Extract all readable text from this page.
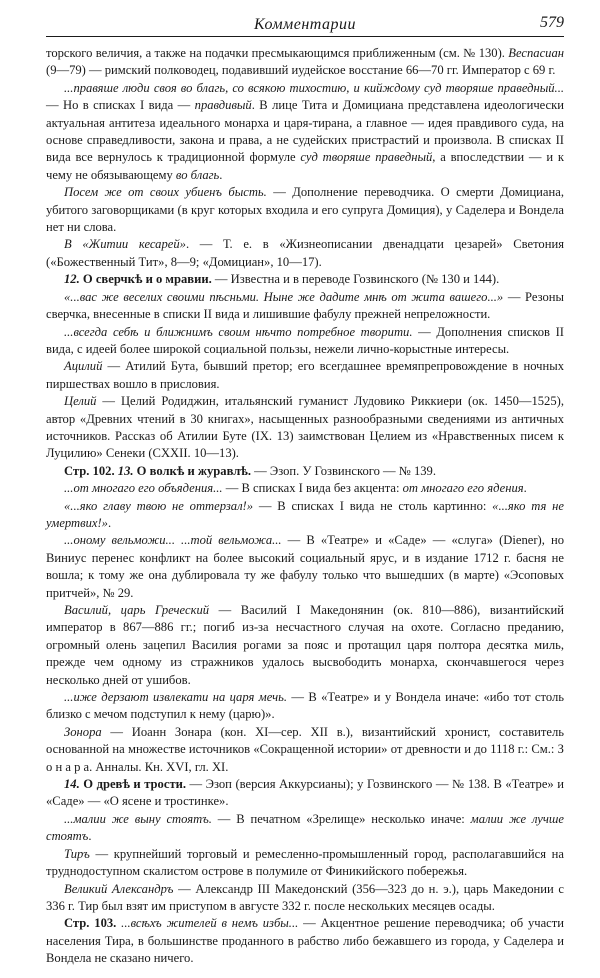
Комментарии	579

торского величия, а также на подачки пресмыкающимся приближенным (см. № 130). Веспасиан (9—79) — римский полководец, подавивший иудейское восстание 66—70 гг. Император с 69 г.

...правяше люди своя во благь, со всякою тихостию, и кийждому суд творяше праведный... — Но в списках I вида — правдивый. В лице Тита и Домициана представлена идеологически актуальная антитеза идеального монарха и царя-тирана, а главное — идея правдивого суда, на основе справедливости, закона и права, а не судейских пристрастий и произвола. В списках II вида все вернулось к традиционной формуле суд творяше праведный, а впоследствии — и к чему не обязывающему во благь.

Посем же от своих убиенъ бысть. — Дополнение переводчика. О смерти Домициана, убитого заговорщиками (в круг которых входила и его супруга Домиция), у Саделера и Вондела нет ни слова.

В «Житии кесарей». — Т. е. в «Жизнеописании двенадцати цезарей» Светония («Божественный Тит», 8—9; «Домициан», 10—17).

12. О сверчкѣ и о мравии. — Известна и в переводе Гозвинского (№ 130 и 144).

«...вас же веселих своими пѣсньми. Ныне же дадите мнѣ от жита вашего...» — Резоны сверчка, внесенные в списки II вида и лишившие фабулу прежней непреложности.

...всегда себѣ и ближнимъ своим нѣчто потребное творити. — Дополнения списков II вида, с идеей более широкой социальной пользы, нежели лично-корыстные интересы.

Ацилий — Атилий Бута, бывший претор; его всегдашнее времяпрепровождение в ночных пиршествах вошло в присловия.

Целий — Целий Родиджин, итальянский гуманист Лудовико Риккиери (ок. 1450—1525), автор «Древних чтений в 30 книгах», насыщенных разнообразными сведениями из античных источников. Рассказ об Атилии Буте (IX. 13) заимствован Целием из «Нравственных писем к Луцилию» Сенеки (СXXII. 10—13).

Стр. 102. 13. О волкѣ и журавлѣ. — Эзоп. У Гозвинского — № 139.

...от многаго его объядения... — В списках I вида без акцента: от многаго его ядения.

«...яко главу твою не оттерзал!» — В списках I вида не столь картинно: «...яко тя не умертвих!».

...оному вельможи... ...той вельможа... — В «Театре» и «Саде» — «слуга» (Diener), но Виниус перенес конфликт на более высокий социальный ярус, и в издание 1712 г. басня не вошла; к тому же она дублировала ту же фабулу только что вышедших (в марте) «Эсоповых притчей», № 29.

Василий, царь Греческий — Василий I Македонянин (ок. 810—886), византийский император в 867—886 гг.; погиб из-за несчастного случая на охоте. Согласно преданию, огромный олень зацепил Василия рогами за пояс и протащил царя полтора десятка миль, прежде чем одному из стражников удалось высвободить монарха, скончавшегося через несколько дней от ушибов.

...иже дерзают извлекати на царя мечь. — В «Театре» и у Вондела иначе: «ибо тот столь близко с мечом подступил к нему (царю)».

Зонора — Иоанн Зонара (кон. XI—сер. XII в.), византийский хронист, составитель основанной на множестве источников «Сокращенной истории» от древности и до 1118 г.: См.: З о н а р а. Анналы. Кн. XVI, гл. XI.

14. О древѣ и трости. — Эзоп (версия Аккурсианы); у Гозвинского — № 138. В «Театре» и «Саде» — «О ясене и тростинке».

...малии же выну стоятъ. — В печатном «Зрелище» несколько иначе: малии же лучше стоятъ.

Тиръ — крупнейший торговый и ремесленно-промышленный город, располагавшийся на труднодоступном скалистом острове в полумиле от Финикийского побережья.

Великий Александръ — Александр III Македонский (356—323 до н. э.), царь Македонии с 336 г. Тир был взят им приступом в августе 332 г. после нескольких месяцев осады.

Стр. 103. ...всѣхъ жителей в немъ избы... — Акцентное решение переводчика; об участи населения Тира, в большинстве проданного в рабство либо бежавшего из города, у Саделера и Вондела не сказано ничего.
